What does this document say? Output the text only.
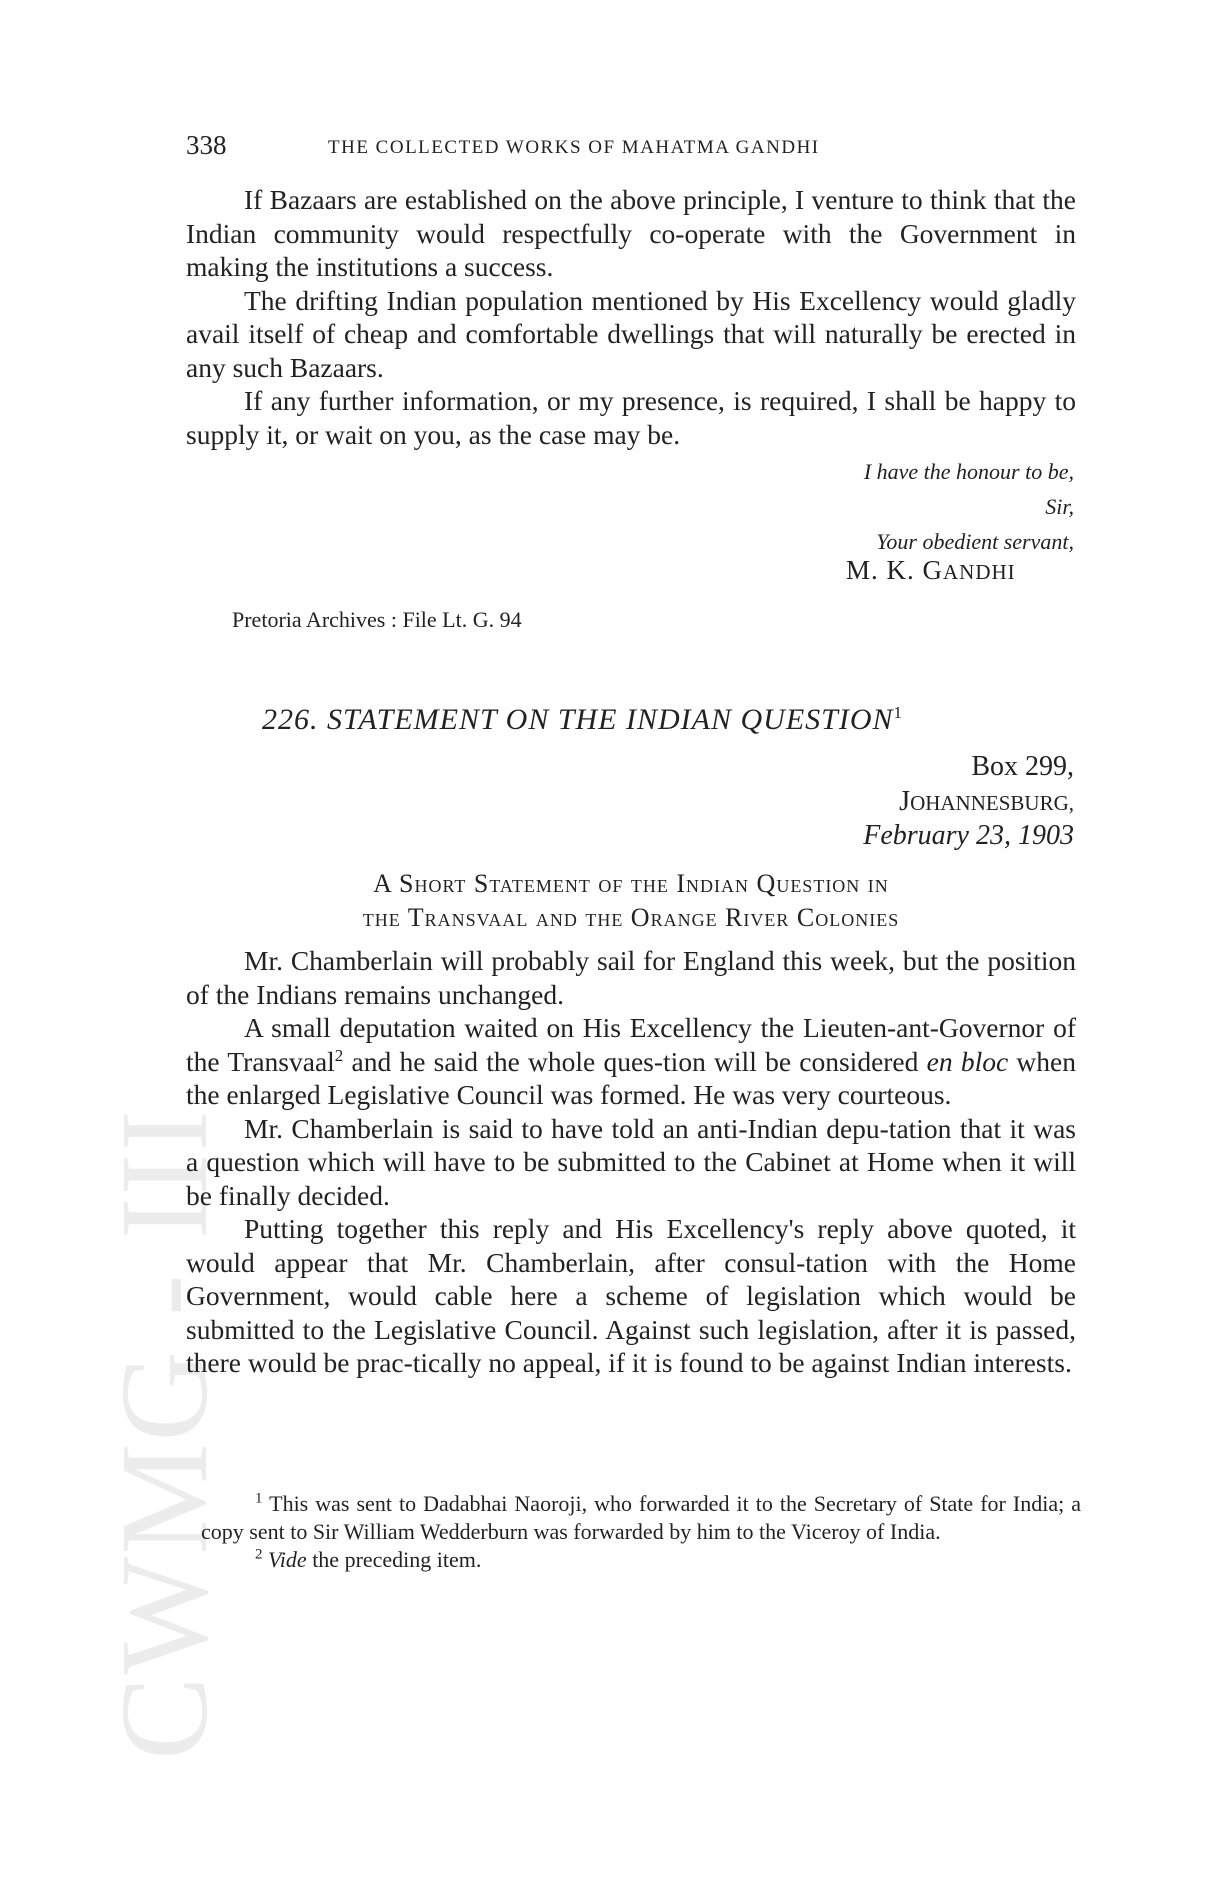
CWMG - III
338	THE COLLECTED WORKS OF MAHATMA GANDHI

If Bazaars are established on the above principle, I venture to think that the Indian community would respectfully co-operate with the Government in making the institutions a success.

The drifting Indian population mentioned by His Excellency would gladly avail itself of cheap and comfortable dwellings that will naturally be erected in any such Bazaars.

If any further information, or my presence, is required, I shall be happy to supply it, or wait on you, as the case may be.

I have the honour to be,
Sir,
Your obedient servant,
M. K. GANDHI
Pretoria Archives : File Lt. G. 94
226. STATEMENT ON THE INDIAN QUESTION$^1$
Box 299,
JOHANNESBURG,
February 23, 1903
A Short Statement of the Indian Question in
the Transvaal and the Orange River Colonies

Mr. Chamberlain will probably sail for England this week, but the position of the Indians remains unchanged.

A small deputation waited on His Excellency the Lieuten-ant-Governor of the Transvaal$^2$ and he said the whole ques-tion will be considered en bloc when the enlarged Legislative Council was formed. He was very courteous.

Mr. Chamberlain is said to have told an anti-Indian depu-tation that it was a question which will have to be submitted to the Cabinet at Home when it will be finally decided.

Putting together this reply and His Excellency's reply above quoted, it would appear that Mr. Chamberlain, after consul-tation with the Home Government, would cable here a scheme of legislation which would be submitted to the Legislative Council. Against such legislation, after it is passed, there would be prac-tically no appeal, if it is found to be against Indian interests.

$^1$ This was sent to Dadabhai Naoroji, who forwarded it to the Secretary of State for India; a copy sent to Sir William Wedderburn was forwarded by him to the Viceroy of India.

$^2$ Vide the preceding item.
